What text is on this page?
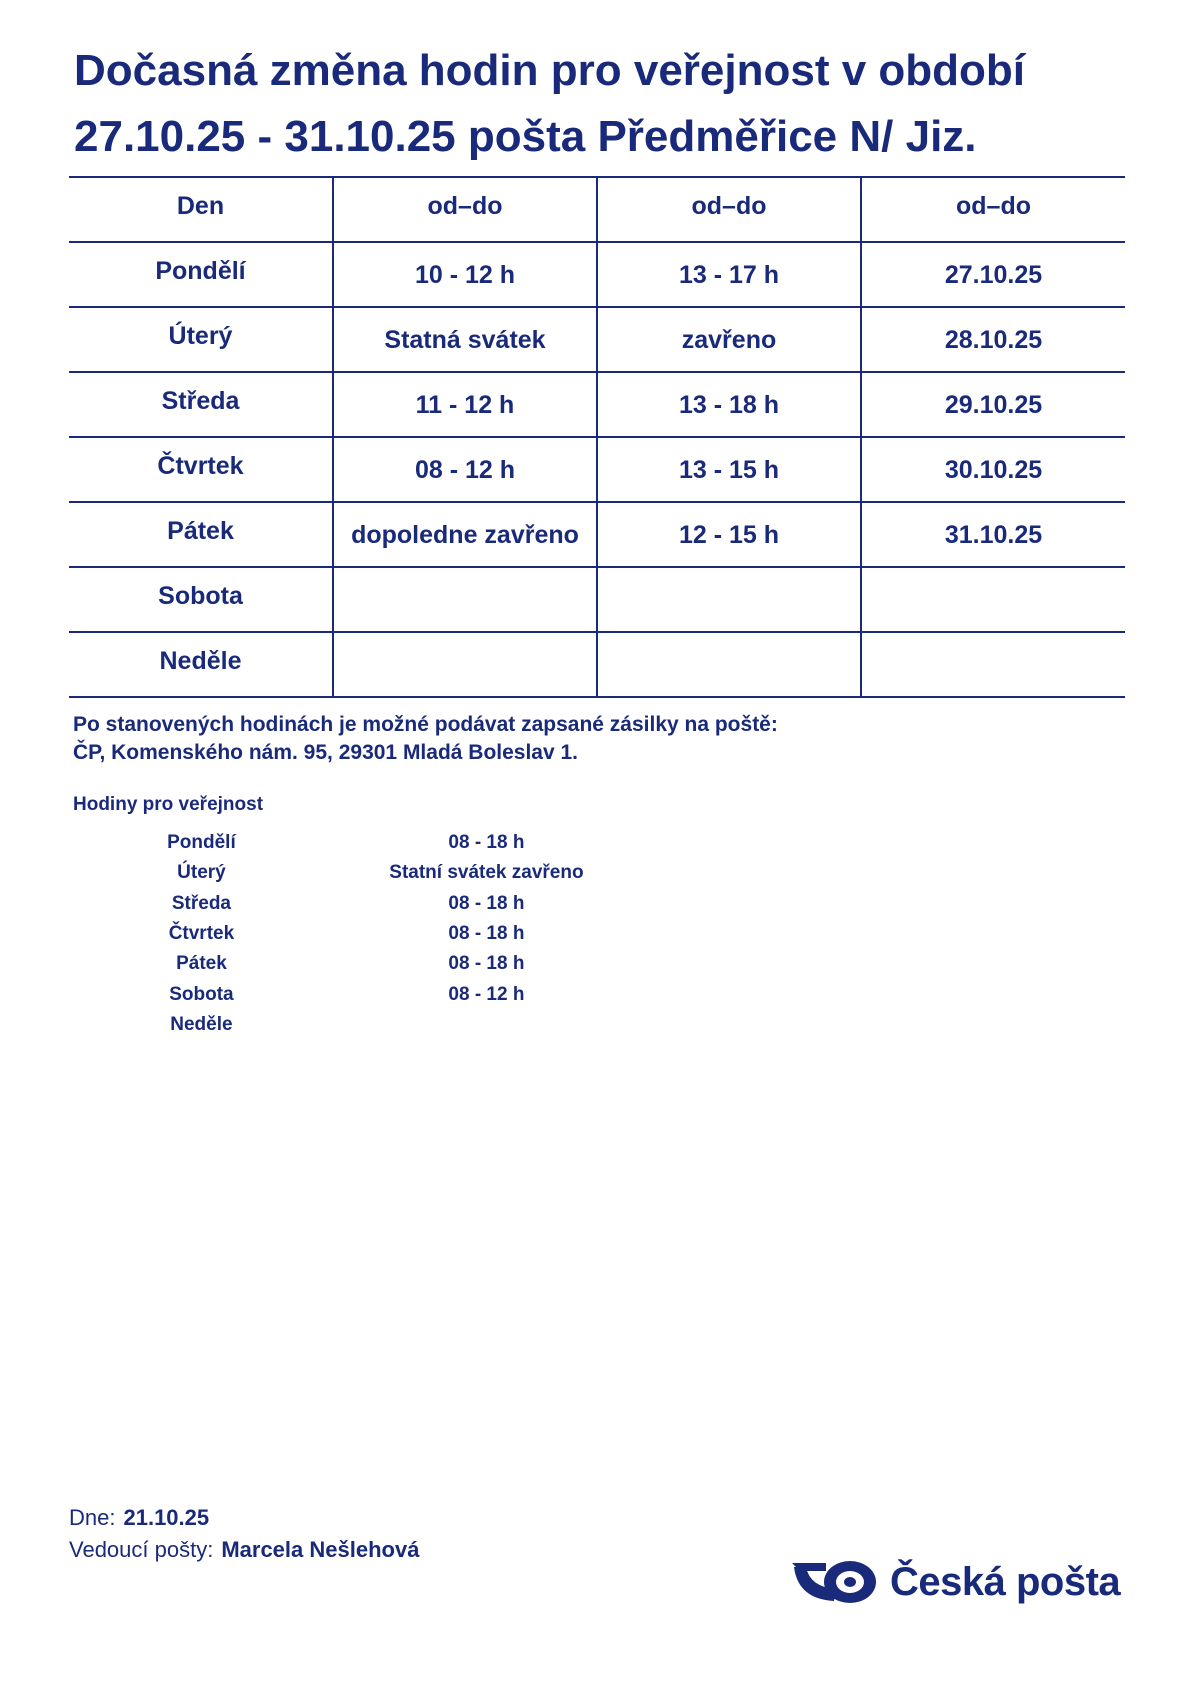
Dočasná změna hodin pro veřejnost v období
27.10.25 - 31.10.25 pošta Předměřice N/ Jiz.
Den	od–do	od–do	od–do
Pondělí	10 - 12 h	13 - 17 h	27.10.25
Úterý	Statná svátek	zavřeno	28.10.25
Středa	11 - 12 h	13 - 18 h	29.10.25
Čtvrtek	08 - 12 h	13 - 15 h	30.10.25
Pátek	dopoledne zavřeno	12 - 15 h	31.10.25
Sobota			
Neděle			
Po stanovených hodinách je možné podávat zapsané zásilky na poště:
ČP, Komenského nám. 95, 29301 Mladá Boleslav 1.
Hodiny pro veřejnost
Pondělí	08 - 18 h
Úterý	Statní svátek zavřeno
Středa	08 - 18 h
Čtvrtek	08 - 18 h
Pátek	08 - 18 h
Sobota	08 - 12 h
Neděle
Dne: 21.10.25
Vedoucí pošty: Marcela Nešlehová
Česká pošta
